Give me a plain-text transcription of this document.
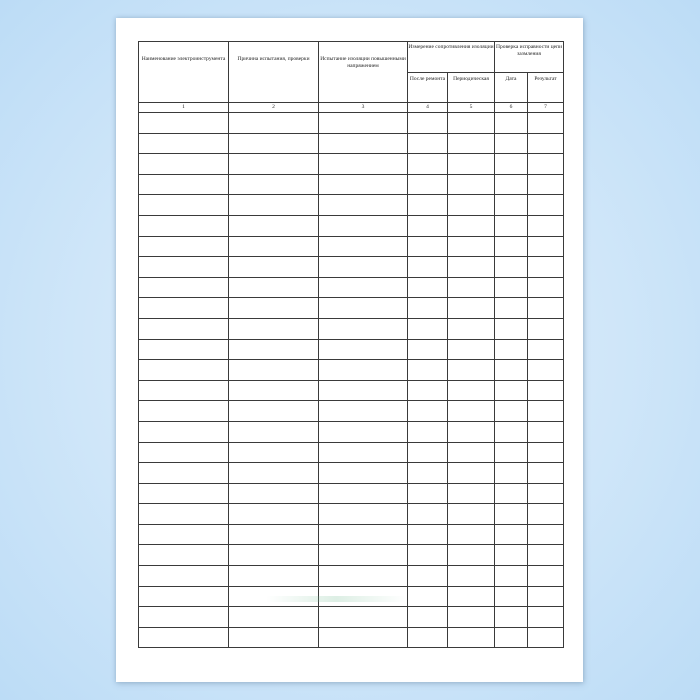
Наименование электроинструмента	Причина испытания, проверки	Испытание изоляции повышенными напряжением	Измерение сопротивления изоляции		Проверка исправности цепи зазмления	
			После ремонта	Периодическая	Дата	Результат
1	2	3	4	5	6	7
